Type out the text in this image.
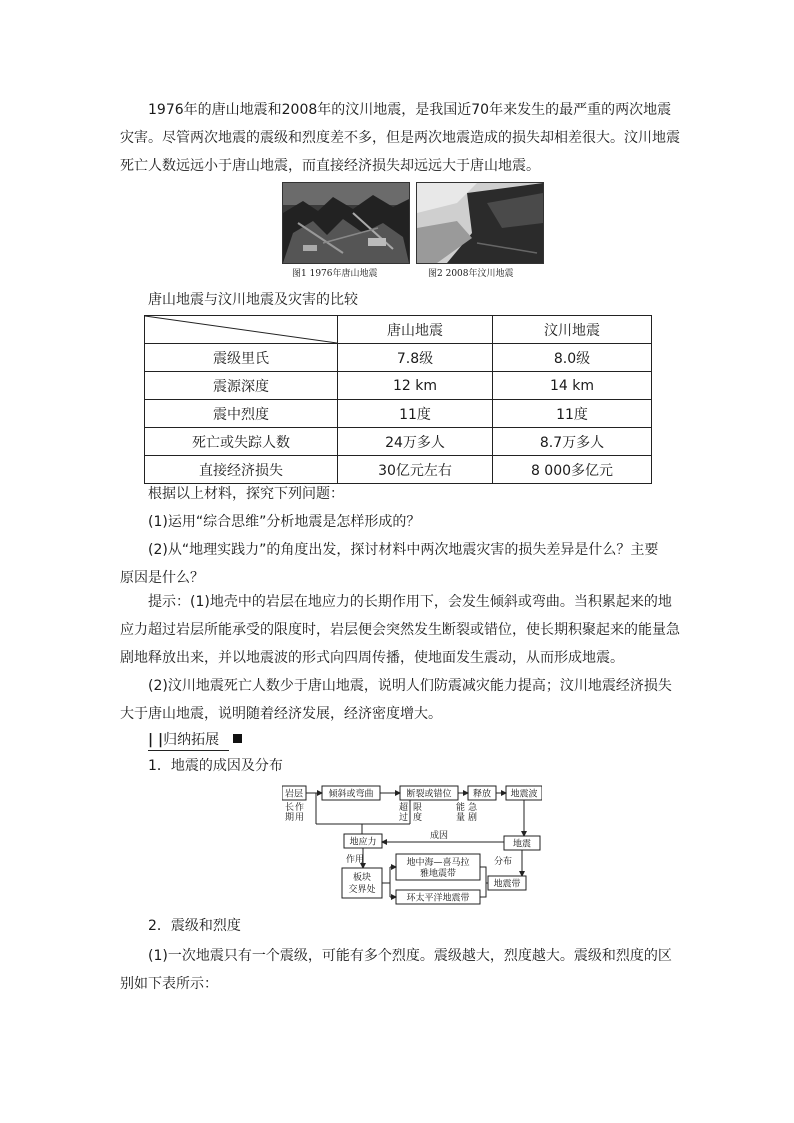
1976年的唐山地震和2008年的汶川地震，是我国近70年来发生的最严重的两次地震

灾害。尽管两次地震的震级和烈度差不多，但是两次地震造成的损失却相差很大。汶川地震
死亡人数远远小于唐山地震，而直接经济损失却远远大于唐山地震。

图1 1976年唐山地震	图2 2008年汶川地震

唐山地震与汶川地震及灾害的比较

	唐山地震	汶川地震
震级里氏	7.8级	8.0级
震源深度	12 km	14 km
震中烈度	11度	11度
死亡或失踪人数	24万多人	8.7万多人
直接经济损失	30亿元左右	8 000多亿元

根据以上材料，探究下列问题：
(1)运用“综合思维”分析地震是怎样形成的？
(2)从“地理实践力”的角度出发，探讨材料中两次地震灾害的损失差异是什么？主要
原因是什么？

提示：(1)地壳中的岩层在地应力的长期作用下，会发生倾斜或弯曲。当积累起来的地
应力超过岩层所能承受的限度时，岩层便会突然发生断裂或错位，使长期积聚起来的能量急
剧地释放出来，并以地震波的形式向四周传播，使地面发生震动，从而形成地震。
(2)汶川地震死亡人数少于唐山地震，说明人们防震减灾能力提高；汶川地震经济损失
大于唐山地震，说明随着经济发展，经济密度增大。

| |归纳拓展

1．地震的成因及分布

岩层	倾斜或弯曲	断裂或错位 释放 地震波
长
期
作
用
超
过
限
度
能
量
急
剧
地应力	地震
成因
作用	分布
板块
交界处
地中海—喜马拉
雅地震带
环太平洋地震带
地震带

2．震级和烈度

(1)一次地震只有一个震级，可能有多个烈度。震级越大，烈度越大。震级和烈度的区
别如下表所示：
